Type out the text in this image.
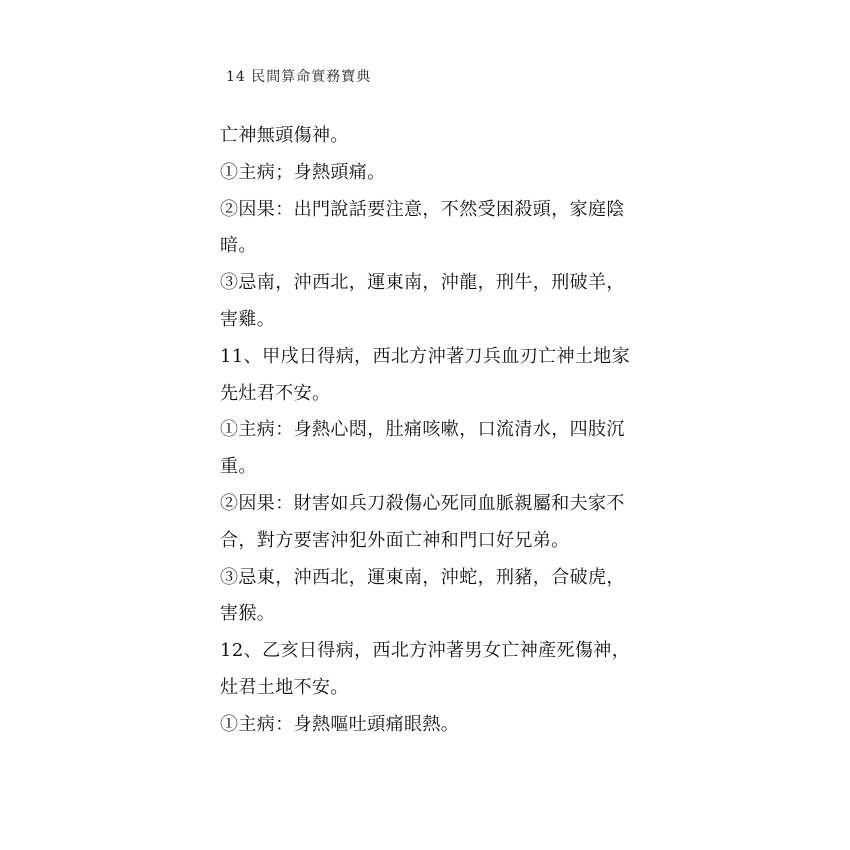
14 民間算命實務寶典
亡神無頭傷神。
①主病；身熱頭痛。
②因果：出門說話要注意，不然受困殺頭，家庭陰
暗。
③忌南，沖西北，運東南，沖龍，刑牛，刑破羊，
害雞。
11、甲戌日得病，西北方沖著刀兵血刃亡神土地家
先灶君不安。
①主病：身熱心悶，肚痛咳嗽，口流清水，四肢沉
重。
②因果：財害如兵刀殺傷心死同血脈親屬和夫家不
合，對方要害沖犯外面亡神和門口好兄弟。
③忌東，沖西北，運東南，沖蛇，刑豬，合破虎，
害猴。
12、乙亥日得病，西北方沖著男女亡神產死傷神，
灶君土地不安。
①主病：身熱嘔吐頭痛眼熱。
